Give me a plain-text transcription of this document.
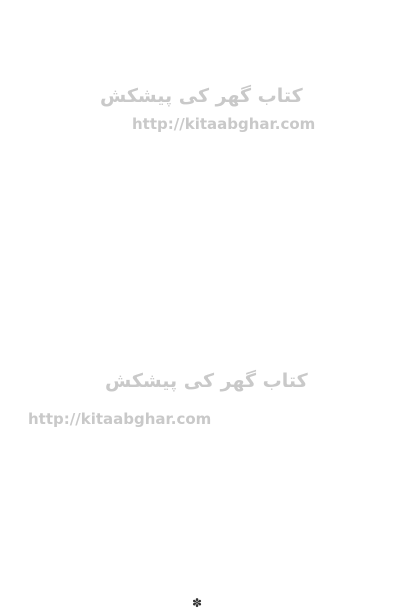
کتاب گھر کی پیشکش
http://kitaabghar.com
کتاب گھر کی پیشکش
http://kitaabghar.com
✽
